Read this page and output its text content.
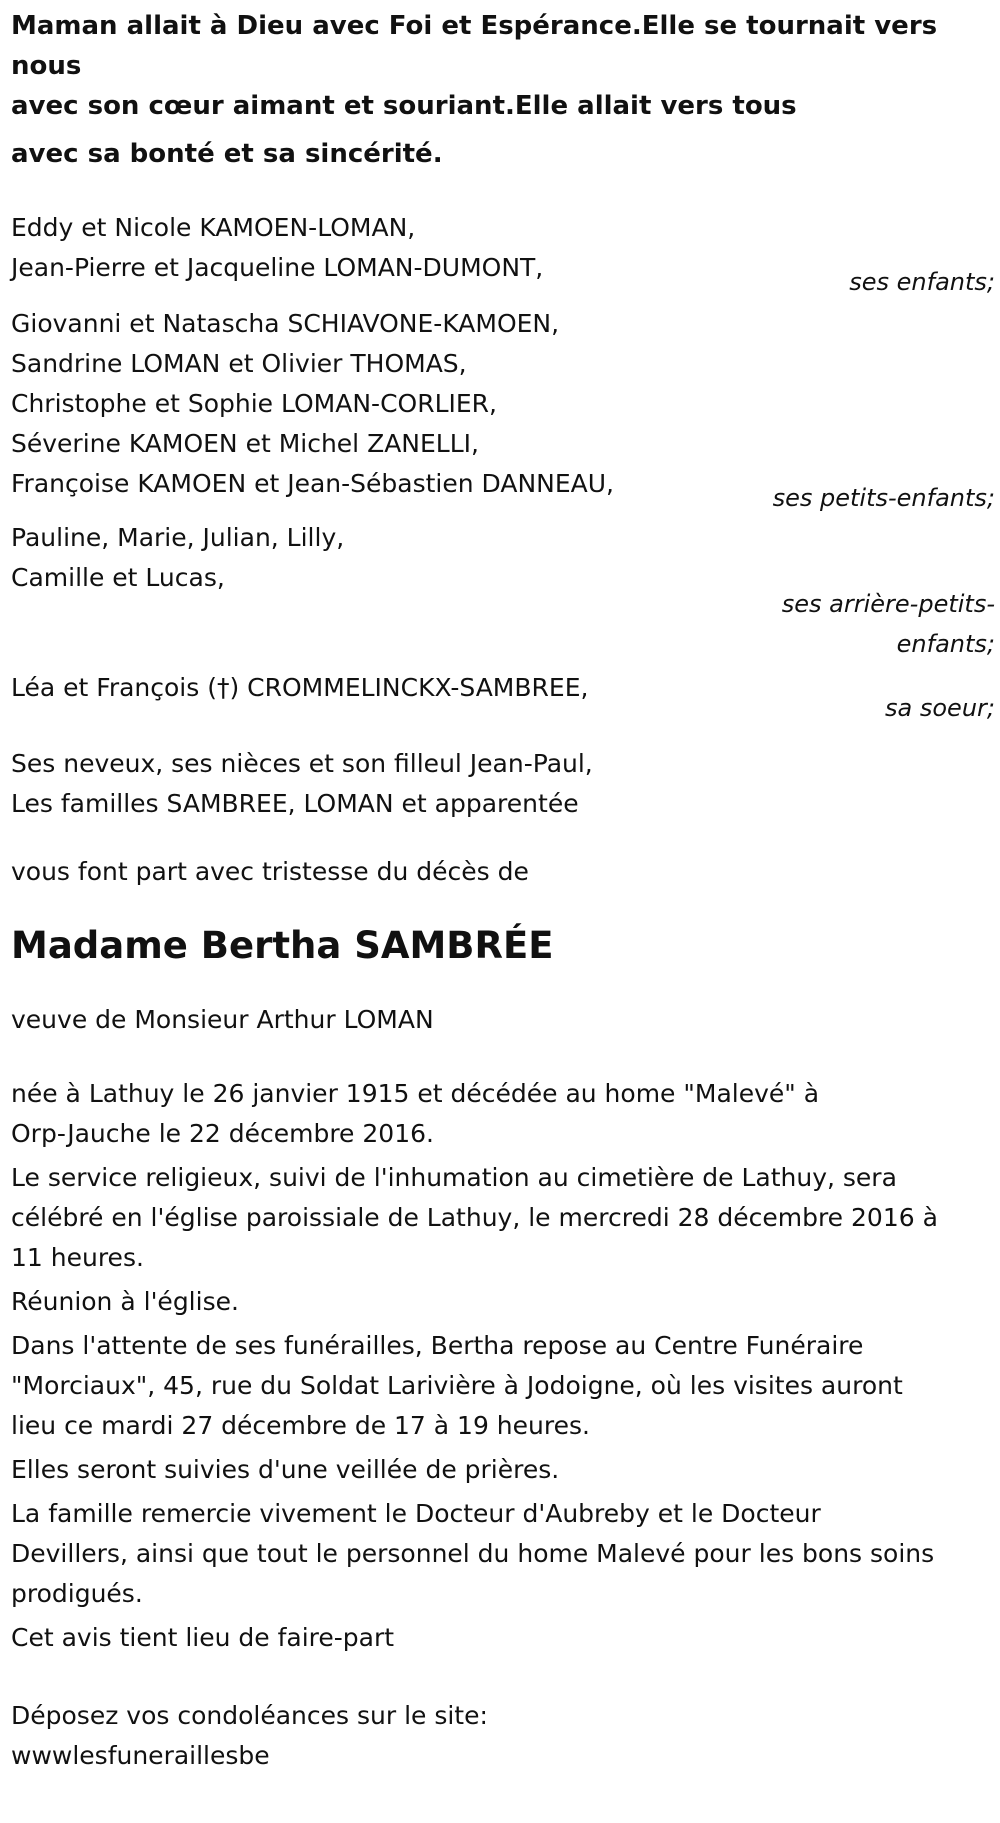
Maman allait à Dieu avec Foi et Espérance.Elle se tournait vers nous
avec son cœur aimant et souriant.Elle allait vers tous
avec sa bonté et sa sincérité.
Eddy et Nicole KAMOEN-LOMAN,
Jean-Pierre et Jacqueline LOMAN-DUMONT,	ses enfants;
Giovanni et Natascha SCHIAVONE-KAMOEN,
Sandrine LOMAN et Olivier THOMAS,
Christophe et Sophie LOMAN-CORLIER,
Séverine KAMOEN et Michel ZANELLI,
Françoise KAMOEN et Jean-Sébastien DANNEAU,	ses petits-enfants;
Pauline, Marie, Julian, Lilly,
Camille et Lucas,
ses arrière-petits-
enfants;
Léa et François (†) CROMMELINCKX-SAMBREE,
sa soeur;
Ses neveux, ses nièces et son filleul Jean-Paul,
Les familles SAMBREE, LOMAN et apparentée
vous font part avec tristesse du décès de
Madame Bertha SAMBRÉE
veuve de Monsieur Arthur LOMAN
née à Lathuy le 26 janvier 1915 et décédée au home "Malevé" à
Orp-Jauche le 22 décembre 2016.
Le service religieux, suivi de l'inhumation au cimetière de Lathuy, sera
célébré en l'église paroissiale de Lathuy, le mercredi 28 décembre 2016 à
11 heures.
Réunion à l'église.
Dans l'attente de ses funérailles, Bertha repose au Centre Funéraire
"Morciaux", 45, rue du Soldat Larivière à Jodoigne, où les visites auront
lieu ce mardi 27 décembre de 17 à 19 heures.
Elles seront suivies d'une veillée de prières.
La famille remercie vivement le Docteur d'Aubreby et le Docteur
Devillers, ainsi que tout le personnel du home Malevé pour les bons soins
prodigués.
Cet avis tient lieu de faire-part
Déposez vos condoléances sur le site:
wwwlesfuneraillesbe
